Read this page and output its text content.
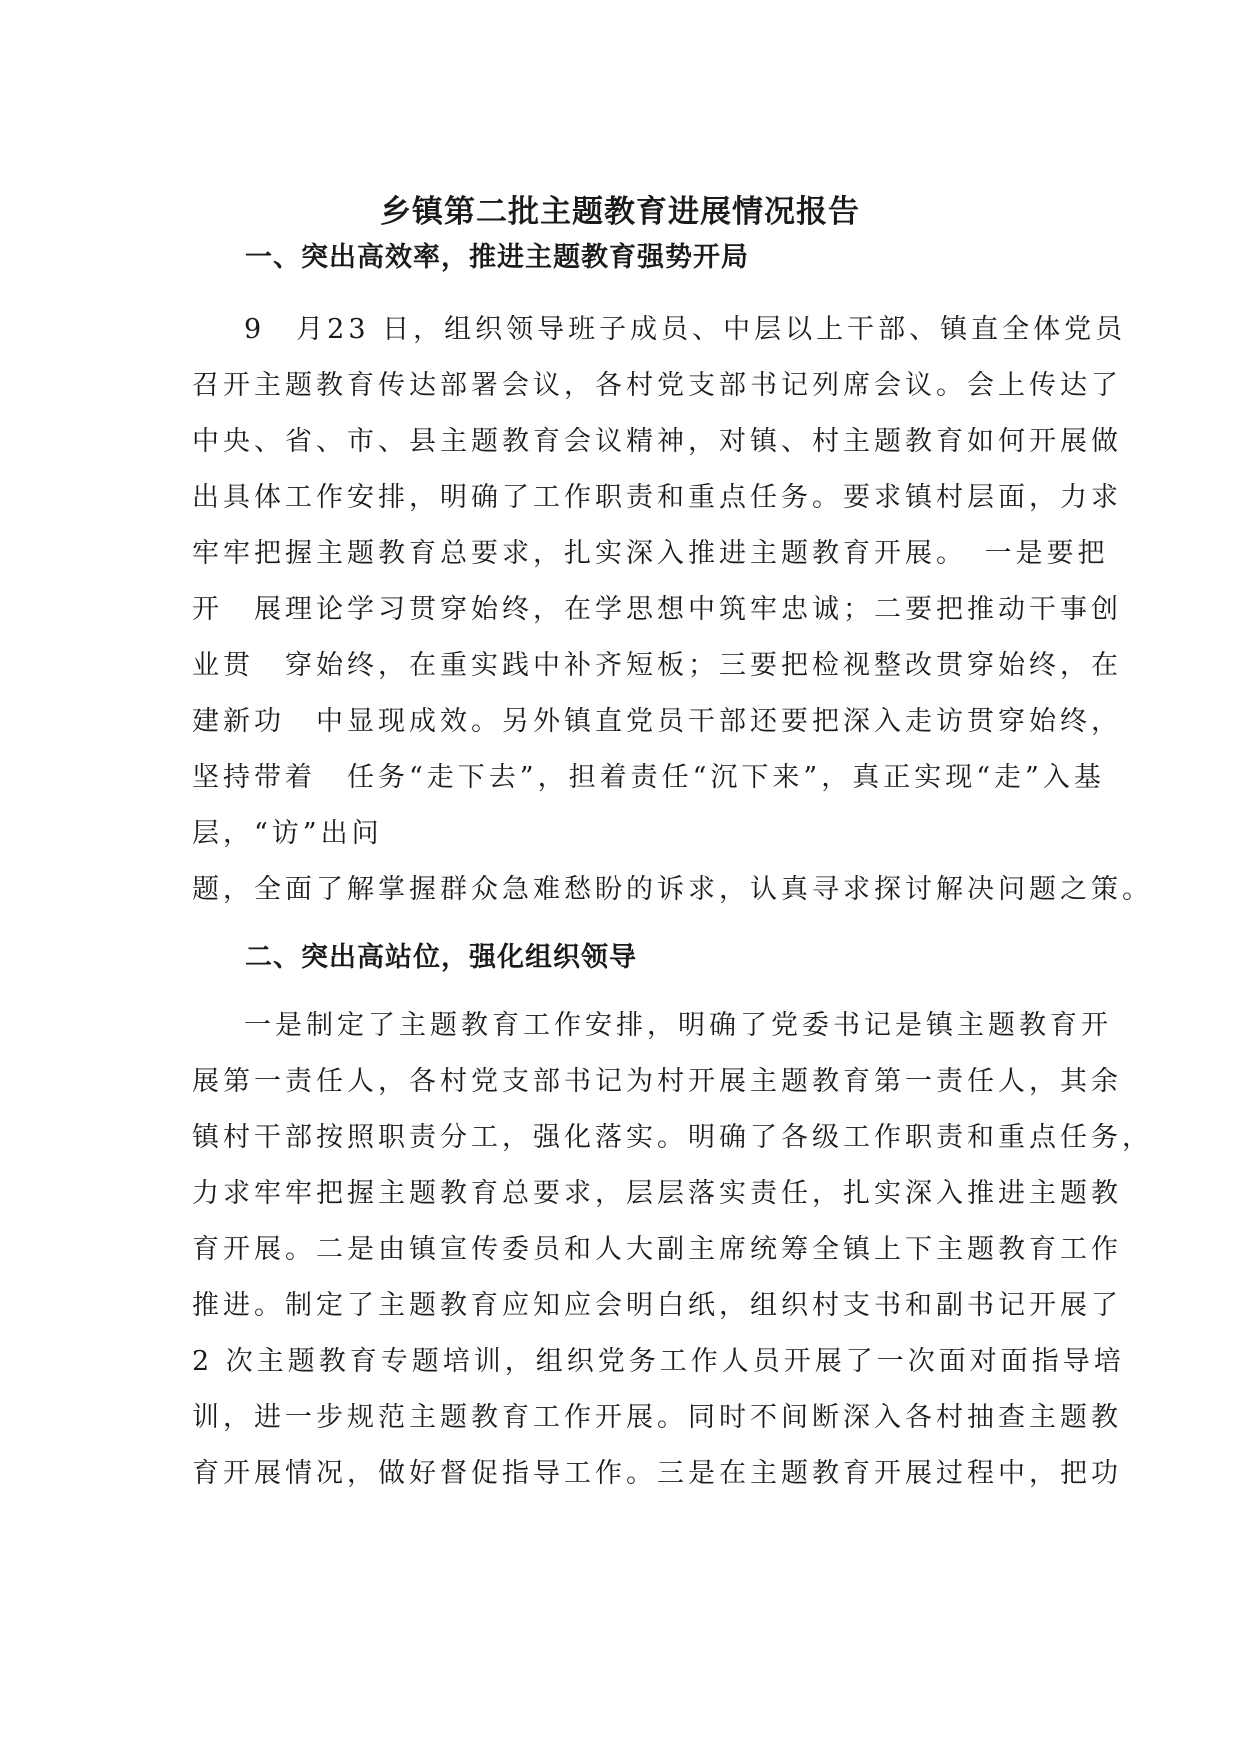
乡镇第二批主题教育进展情况报告
一、突出高效率，推进主题教育强势开局
9　月23 日，组织领导班子成员、中层以上干部、镇直全体党员
召开主题教育传达部署会议，各村党支部书记列席会议。会上传达了
中央、省、市、县主题教育会议精神，对镇、村主题教育如何开展做
出具体工作安排，明确了工作职责和重点任务。要求镇村层面，力求
牢牢把握主题教育总要求，扎实深入推进主题教育开展。　一是要把
开　展理论学习贯穿始终，在学思想中筑牢忠诚；二要把推动干事创
业贯　穿始终，在重实践中补齐短板；三要把检视整改贯穿始终，在
建新功　中显现成效。另外镇直党员干部还要把深入走访贯穿始终，
坚持带着　任务“走下去”，担着责任“沉下来”，真正实现“走”入基
层，“访”出问
题，全面了解掌握群众急难愁盼的诉求，认真寻求探讨解决问题之策。
二、突出高站位，强化组织领导
一是制定了主题教育工作安排，明确了党委书记是镇主题教育开
展第一责任人，各村党支部书记为村开展主题教育第一责任人，其余
镇村干部按照职责分工，强化落实。明确了各级工作职责和重点任务，
力求牢牢把握主题教育总要求，层层落实责任，扎实深入推进主题教
育开展。二是由镇宣传委员和人大副主席统筹全镇上下主题教育工作
推进。制定了主题教育应知应会明白纸，组织村支书和副书记开展了
2 次主题教育专题培训，组织党务工作人员开展了一次面对面指导培
训，进一步规范主题教育工作开展。同时不间断深入各村抽查主题教
育开展情况，做好督促指导工作。三是在主题教育开展过程中，把功
